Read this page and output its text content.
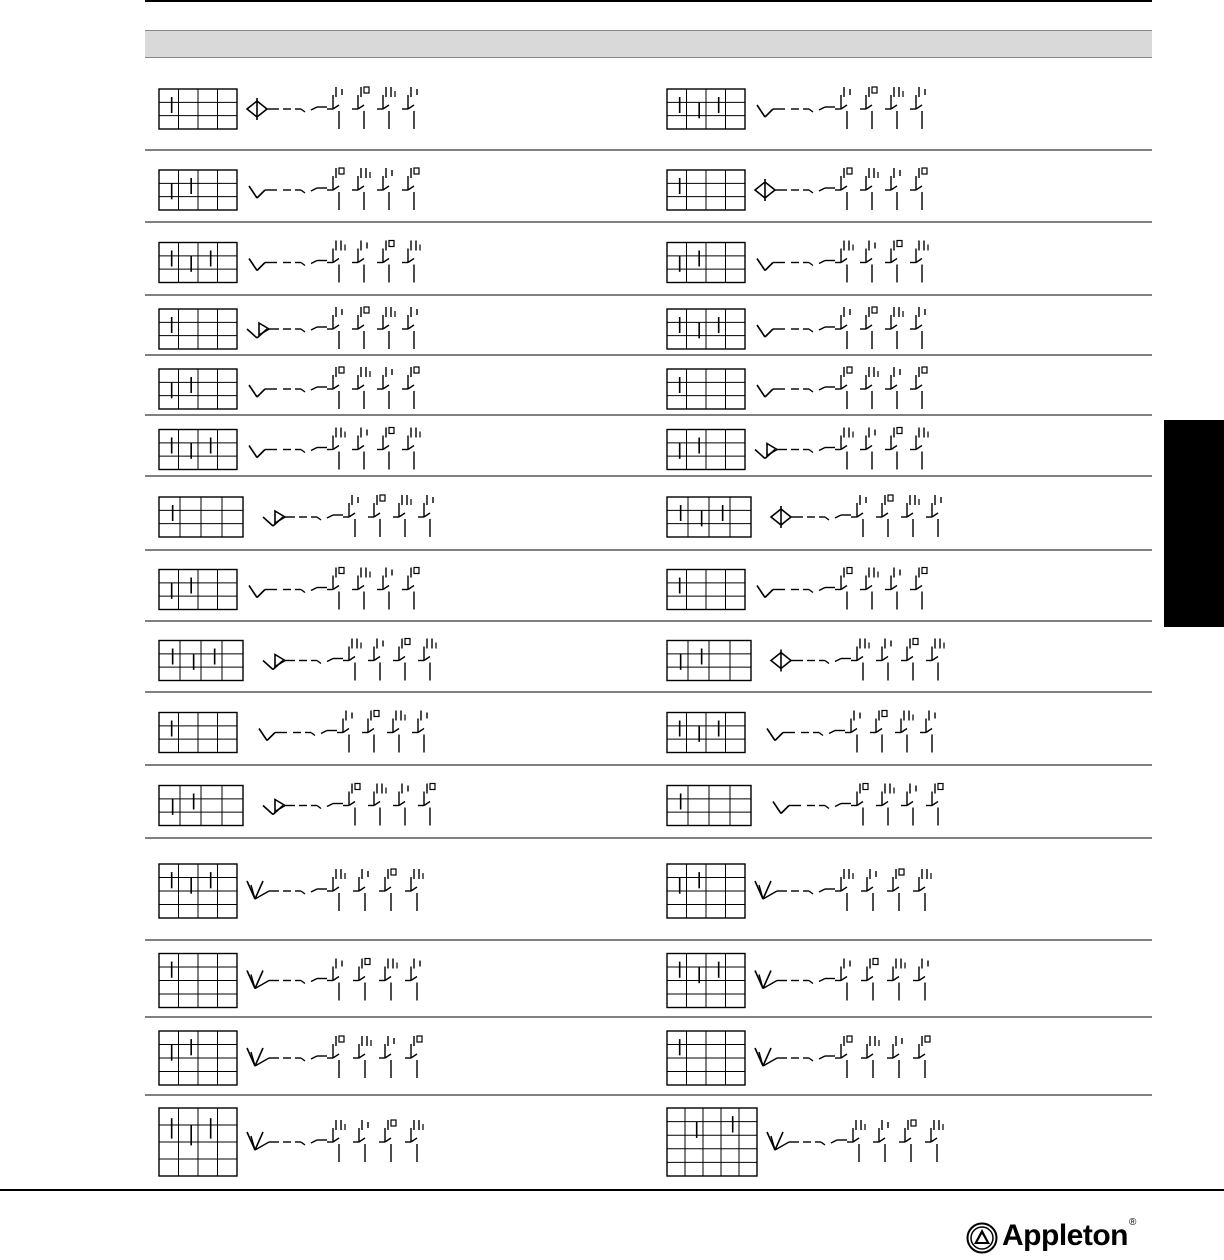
Appleton ®
